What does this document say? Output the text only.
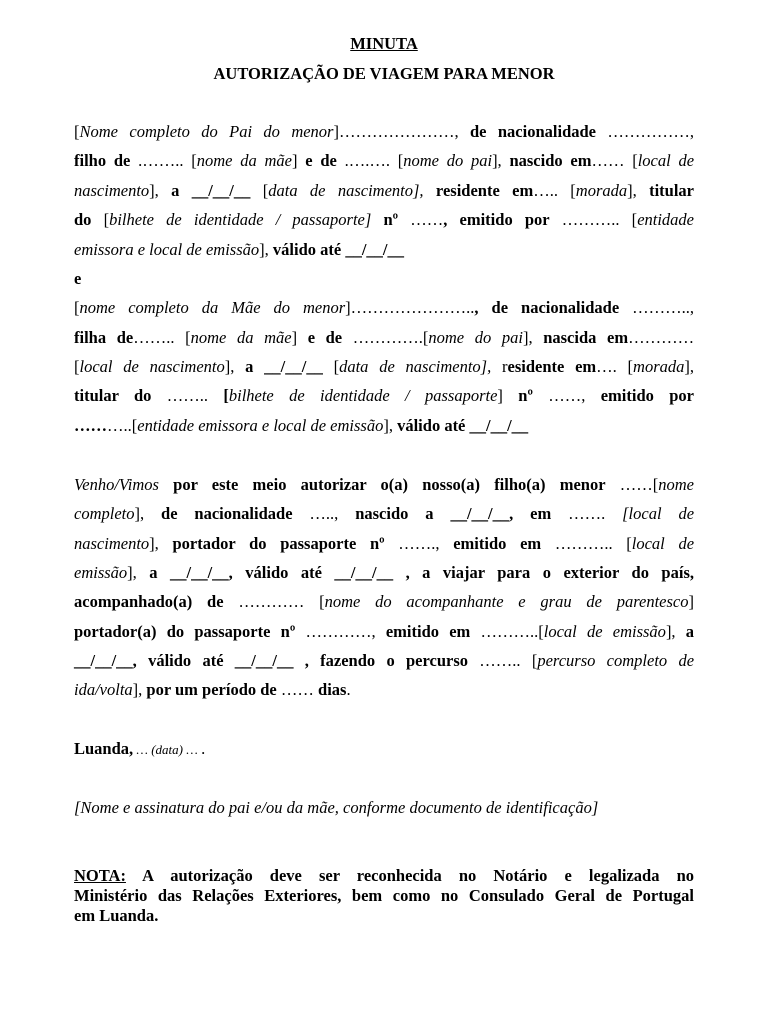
MINUTA
AUTORIZAÇÃO DE VIAGEM PARA MENOR
[Nome completo do Pai do menor]…………………, de nacionalidade ……………,
filho de .…….. [nome da mãe] e de .….…. [nome do pai], nascido em…… [local de
nascimento], a __/__/__ [data de nascimento], residente em….. [morada], titular
do [bilhete de identidade / passaporte] nº ……, emitido por ……….. [entidade
emissora e local de emissão], válido até __/__/__
e
[nome completo da Mãe do menor]………………….., de nacionalidade ………..,
filha de…….. [nome da mãe] e de ………….[nome do pai], nascida em…………
[local de nascimento], a __/__/__ [data de nascimento], residente em…. [morada],
titular do …….. [bilhete de identidade / passaporte] nº ……, emitido por
………..[entidade emissora e local de emissão], válido até __/__/__
Venho/Vimos por este meio autorizar o(a) nosso(a) filho(a) menor ……[nome
completo], de nacionalidade ….., nascido a __/__/__, em ……. [local de
nascimento], portador do passaporte nº ……., emitido em ……….. [local de
emissão], a __/__/__, válido até __/__/__ , a viajar para o exterior do país,
acompanhado(a) de ………… [nome do acompanhante e grau de parentesco]
portador(a) do passaporte nº …………, emitido em ………..[local de emissão], a
__/__/__, válido até __/__/__ , fazendo o percurso …….. [percurso completo de
ida/volta], por um período de …… dias.
Luanda, … (data) … .
[Nome e assinatura do pai e/ou da mãe, conforme documento de identificação]
NOTA: A autorização deve ser reconhecida no Notário e legalizada no
Ministério das Relações Exteriores, bem como no Consulado Geral de Portugal
em Luanda.
